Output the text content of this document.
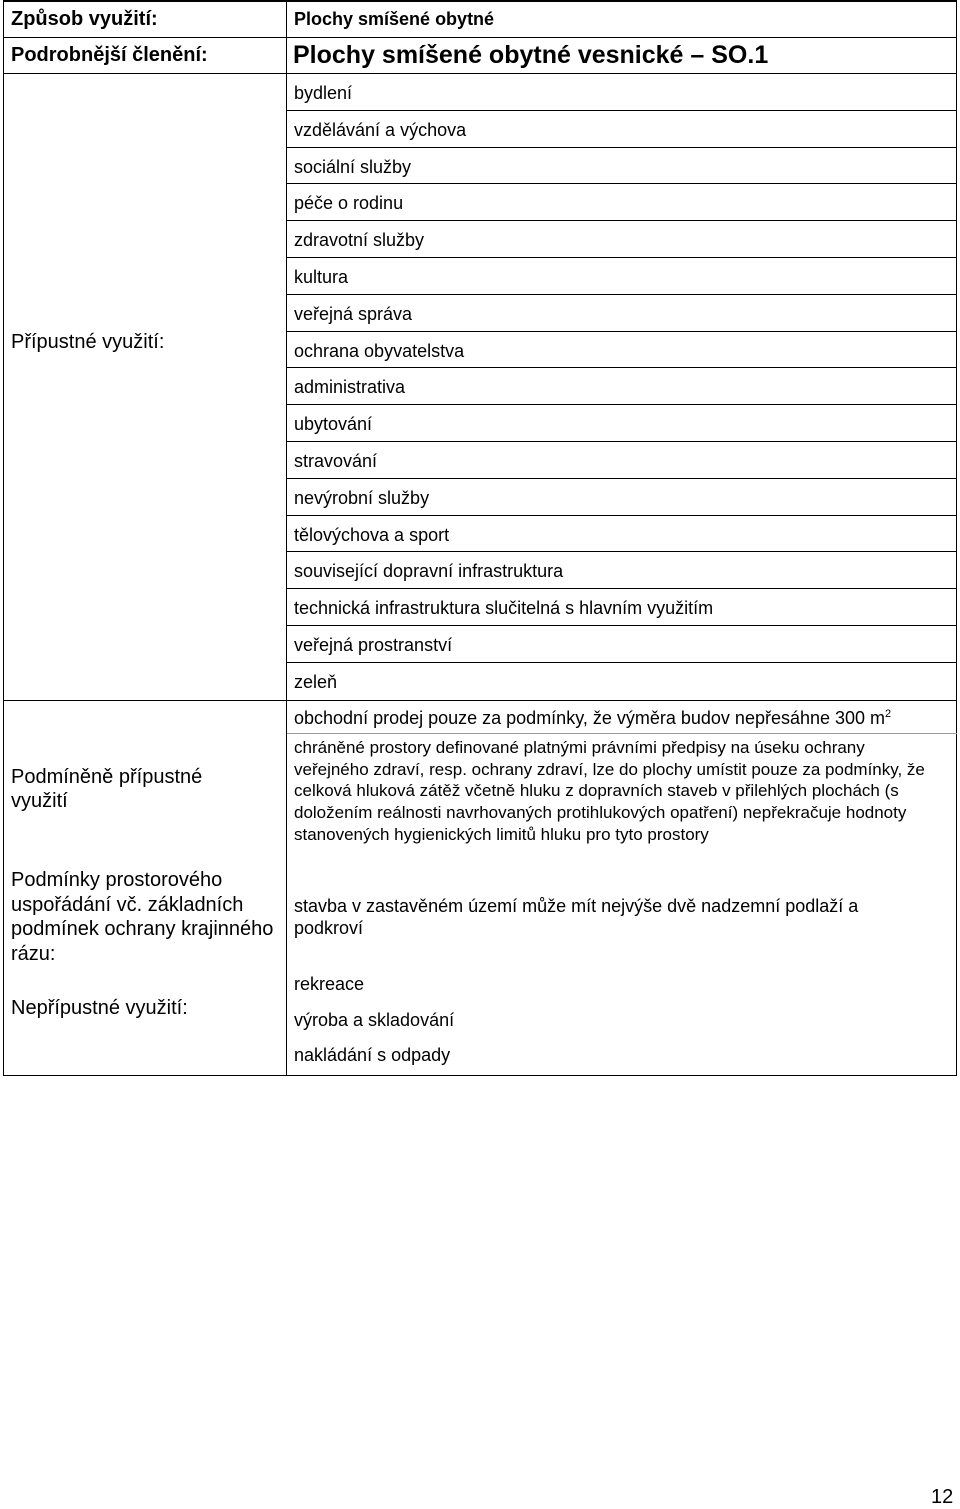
Způsob využití:	Plochy smíšené obytné
Podrobnější členění:	Plochy smíšené obytné vesnické – SO.1
Přípustné využití:
bydlení
vzdělávání a výchova
sociální služby
péče o rodinu
zdravotní služby
kultura
veřejná správa
ochrana obyvatelstva
administrativa
ubytování
stravování
nevýrobní služby
tělovýchova a sport
související dopravní infrastruktura
technická infrastruktura slučitelná s hlavním využitím
veřejná prostranství
zeleň
Podmíněně přípustné využití
obchodní prodej pouze za podmínky, že výměra budov nepřesáhne 300 $m^2$
chráněné prostory definované platnými právními předpisy na úseku ochrany veřejného zdraví, resp. ochrany zdraví, lze do plochy umístit pouze za podmínky, že celková hluková zátěž včetně hluku z dopravních staveb v přilehlých plochách (s doložením reálnosti navrhovaných protihlukových opatření) nepřekračuje hodnoty stanovených hygienických limitů hluku pro tyto prostory
Podmínky prostorového uspořádání vč. základních podmínek ochrany krajinného rázu:
stavba v zastavěném území může mít nejvýše dvě nadzemní podlaží a podkroví
Nepřípustné využití:
rekreace
výroba a skladování
nakládání s odpady
12
